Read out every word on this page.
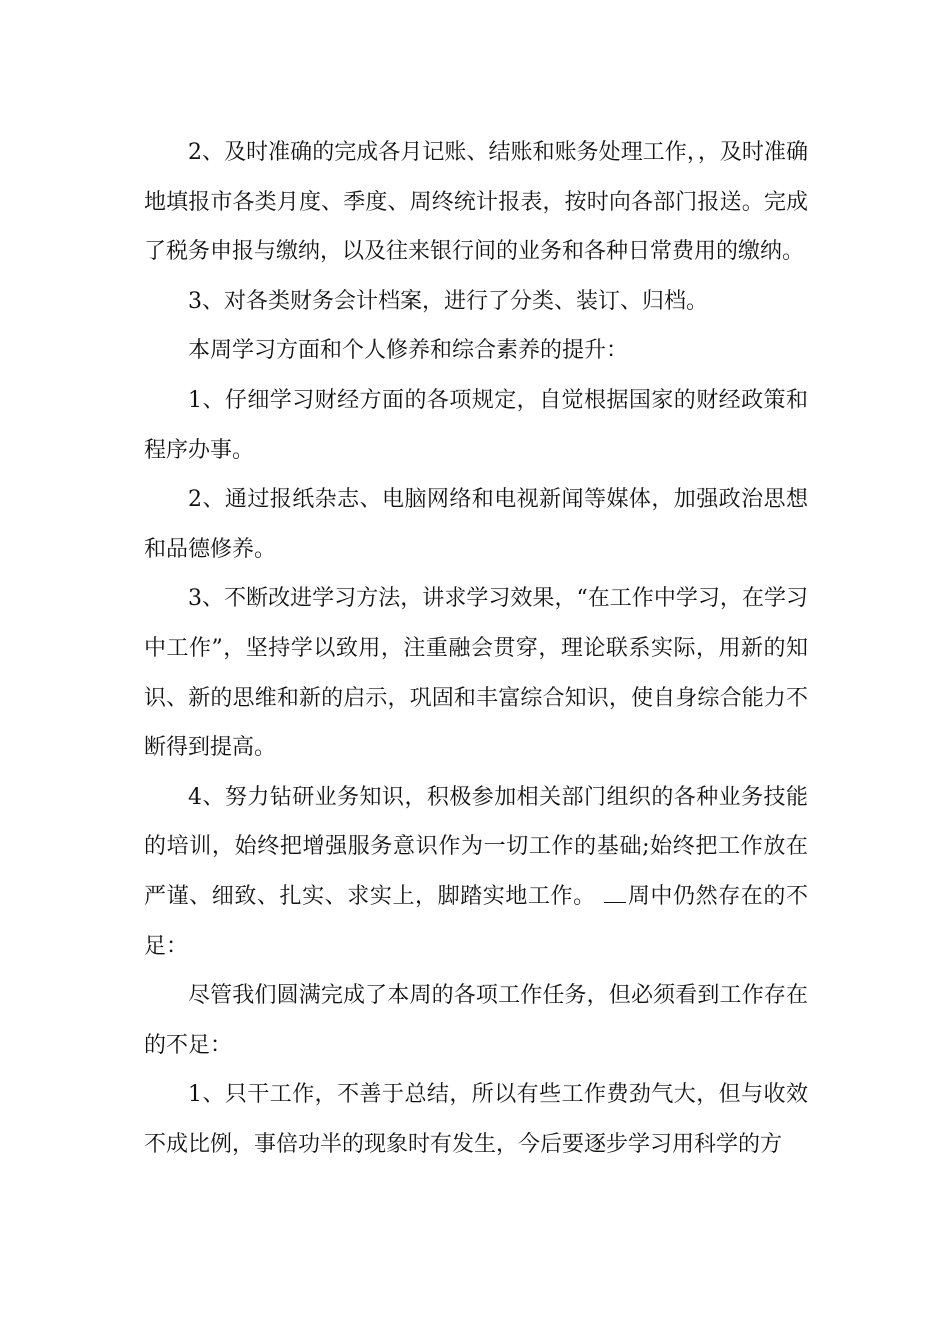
2、及时准确的完成各月记账、结账和账务处理工作，，及时准确地填报市各类月度、季度、周终统计报表，按时向各部门报送。完成了税务申报与缴纳，以及往来银行间的业务和各种日常费用的缴纳。

3、对各类财务会计档案，进行了分类、装订、归档。

本周学习方面和个人修养和综合素养的提升：

1、仔细学习财经方面的各项规定，自觉根据国家的财经政策和程序办事。

2、通过报纸杂志、电脑网络和电视新闻等媒体，加强政治思想和品德修养。

3、不断改进学习方法，讲求学习效果，“在工作中学习，在学习中工作”，坚持学以致用，注重融会贯穿，理论联系实际，用新的知识、新的思维和新的启示，巩固和丰富综合知识，使自身综合能力不断得到提高。

4、努力钻研业务知识，积极参加相关部门组织的各种业务技能的培训，始终把增强服务意识作为一切工作的基础;始终把工作放在严谨、细致、扎实、求实上，脚踏实地工作。 周中仍然存在的不足：

尽管我们圆满完成了本周的各项工作任务，但必须看到工作存在的不足：

1、只干工作，不善于总结，所以有些工作费劲气大，但与收效不成比例，事倍功半的现象时有发生，今后要逐步学习用科学的方
